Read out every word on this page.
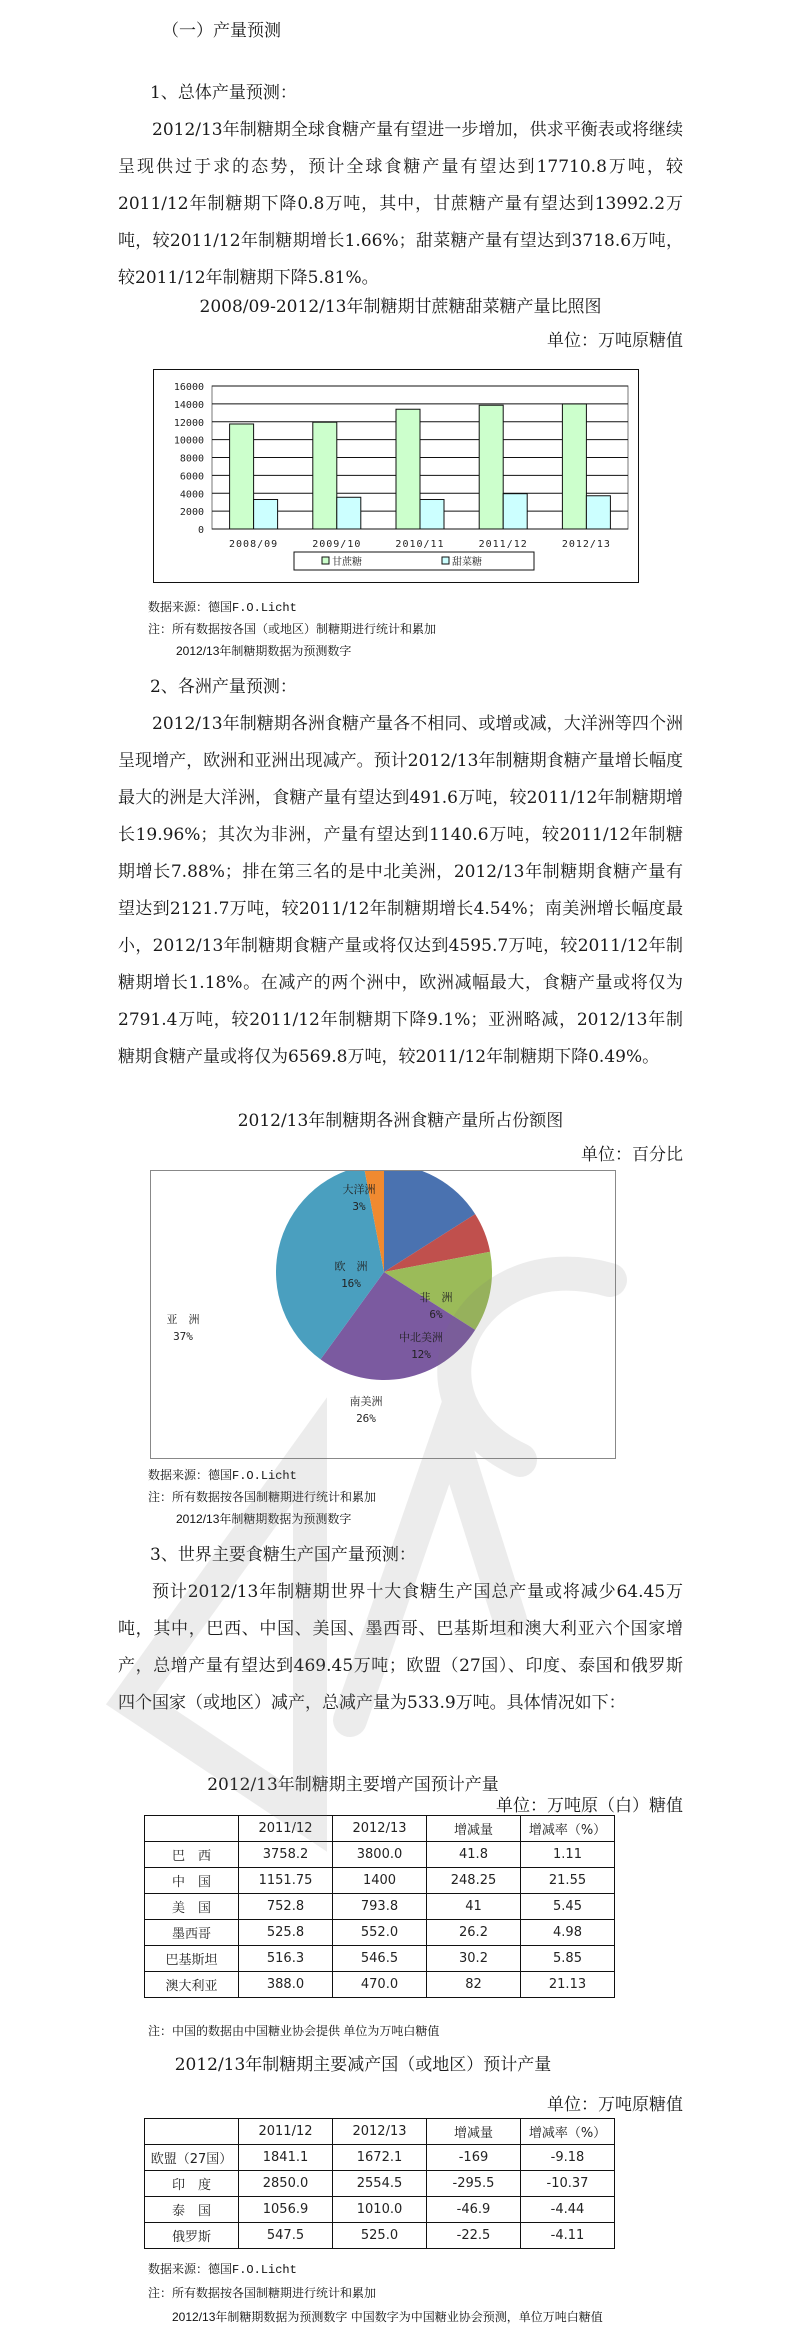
（一）产量预测
1、总体产量预测：

2012/13年制糖期全球食糖产量有望进一步增加，供求平衡表或将继续呈现供过于求的态势，预计全球食糖产量有望达到17710.8万吨，较2011/12年制糖期下降0.8万吨，其中，甘蔗糖产量有望达到13992.2万吨，较2011/12年制糖期增长1.66%；甜菜糖产量有望达到3718.6万吨，较2011/12年制糖期下降5.81%。

2008/09-2012/13年制糖期甘蔗糖甜菜糖产量比照图
单位：万吨原糖值
0
2000
4000
6000
8000
10000
12000
14000
16000
2008/09	2009/10	2010/11	2011/12	2012/13
甘蔗糖	甜菜糖
数据来源：德国F.O.Licht
注：所有数据按各国（或地区）制糖期进行统计和累加
2012/13年制糖期数据为预测数字
2、各洲产量预测：

2012/13年制糖期各洲食糖产量各不相同、或增或减，大洋洲等四个洲呈现增产，欧洲和亚洲出现减产。预计2012/13年制糖期食糖产量增长幅度最大的洲是大洋洲，食糖产量有望达到491.6万吨，较2011/12年制糖期增长19.96%；其次为非洲，产量有望达到1140.6万吨，较2011/12年制糖期增长7.88%；排在第三名的是中北美洲，2012/13年制糖期食糖产量有望达到2121.7万吨，较2011/12年制糖期增长4.54%；南美洲增长幅度最小，2012/13年制糖期食糖产量或将仅达到4595.7万吨，较2011/12年制糖期增长1.18%。在减产的两个洲中，欧洲减幅最大，食糖产量或将仅为2791.4万吨，较2011/12年制糖期下降9.1%；亚洲略减，2012/13年制糖期食糖产量或将仅为6569.8万吨，较2011/12年制糖期下降0.49%。

2012/13年制糖期各洲食糖产量所占份额图
单位：百分比
欧　洲
16%
非　洲
6%
中北美洲
12%
南美洲
26%
亚　洲
37%
大洋洲
3%
数据来源：德国F.O.Licht
注：所有数据按各国制糖期进行统计和累加
2012/13年制糖期数据为预测数字
3、世界主要食糖生产国产量预测：

预计2012/13年制糖期世界十大食糖生产国总产量或将减少64.45万吨，其中，巴西、中国、美国、墨西哥、巴基斯坦和澳大利亚六个国家增产，总增产量有望达到469.45万吨；欧盟（27国）、印度、泰国和俄罗斯四个国家（或地区）减产，总减产量为533.9万吨。具体情况如下：

2012/13年制糖期主要增产国预计产量
单位：万吨原（白）糖值
	2011/12	2012/13	增减量	增减率（%）
巴　西	3758.2	3800.0	41.8	1.11
中　国	1151.75	1400	248.25	21.55
美　国	752.8	793.8	41	5.45
墨西哥	525.8	552.0	26.2	4.98
巴基斯坦	516.3	546.5	30.2	5.85
澳大利亚	388.0	470.0	82	21.13
注：中国的数据由中国糖业协会提供 单位为万吨白糖值
2012/13年制糖期主要减产国（或地区）预计产量
单位：万吨原糖值
	2011/12	2012/13	增减量	增减率（%）
欧盟（27国）	1841.1	1672.1	-169	-9.18
印　度	2850.0	2554.5	-295.5	-10.37
泰　国	1056.9	1010.0	-46.9	-4.44
俄罗斯	547.5	525.0	-22.5	-4.11
数据来源：德国F.O.Licht
注：所有数据按各国制糖期进行统计和累加
2012/13年制糖期数据为预测数字 中国数字为中国糖业协会预测，单位万吨白糖值
